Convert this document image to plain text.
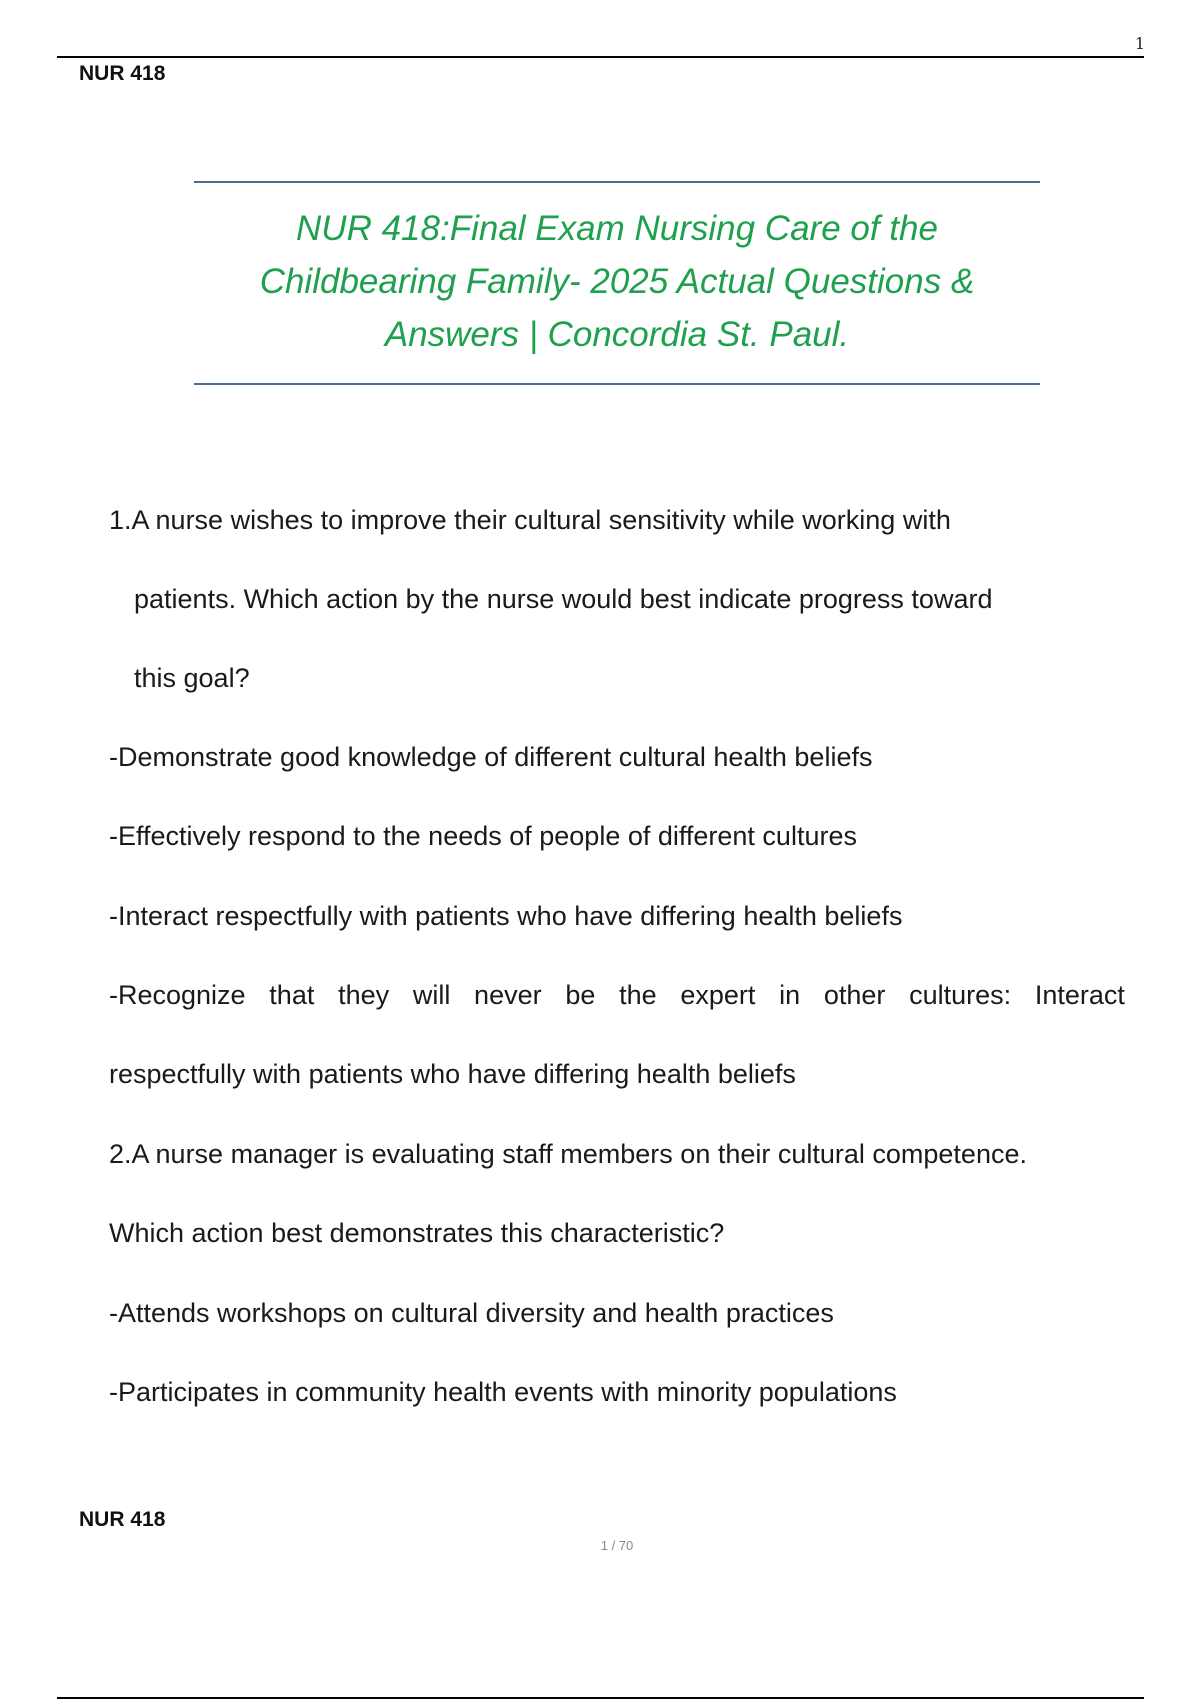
1
NUR 418
NUR 418:Final Exam Nursing Care of the
Childbearing Family- 2025 Actual Questions &
Answers | Concordia St. Paul.
1.A nurse wishes to improve their cultural sensitivity while working with
patients. Which action by the nurse would best indicate progress toward
this goal?
-Demonstrate good knowledge of different cultural health beliefs
-Effectively respond to the needs of people of different cultures
-Interact respectfully with patients who have differing health beliefs
-Recognize that they will never be the expert in other cultures: Interact
respectfully with patients who have differing health beliefs
2.A nurse manager is evaluating staff members on their cultural competence.
Which action best demonstrates this characteristic?
-Attends workshops on cultural diversity and health practices
-Participates in community health events with minority populations
NUR 418
1 / 70
